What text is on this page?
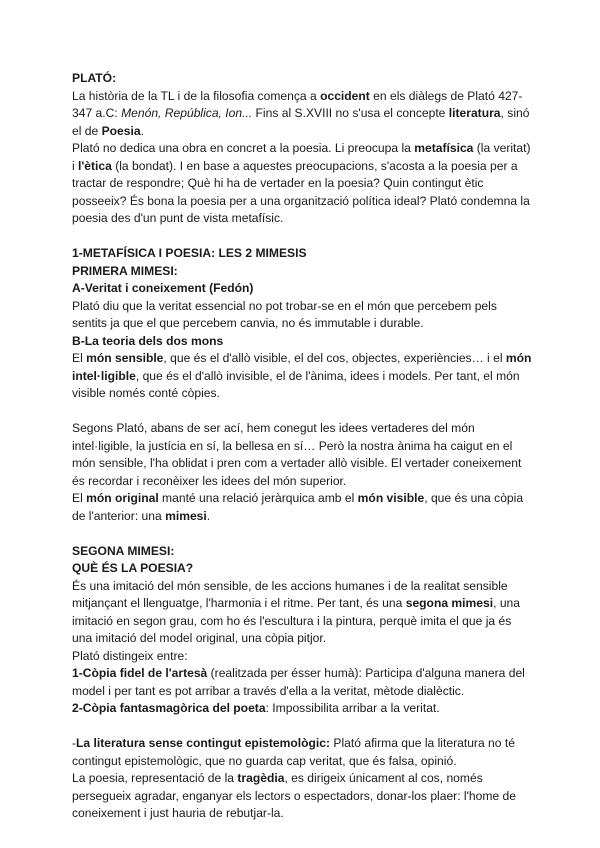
PLATÓ:

La història de la TL i de la filosofia comença a occident en els diàlegs de Plató 427-347 a.C: Menón, República, Ion... Fins al S.XVIII no s'usa el concepte literatura, sinó el de Poesia.

Plató no dedica una obra en concret a la poesia. Li preocupa la metafísica (la veritat) i l'ètica (la bondat). I en base a aquestes preocupacions, s'acosta a la poesia per a tractar de respondre; Què hi ha de vertader en la poesia? Quin contingut ètic posseeix? És bona la poesia per a una organització política ideal? Plató condemna la poesia des d'un punt de vista metafísic.

1-METAFÍSICA I POESIA: LES 2 MIMESIS

PRIMERA MIMESI:

A-Veritat i coneixement (Fedón)

Plató diu que la veritat essencial no pot trobar-se en el món que percebem pels sentits ja que el que percebem canvia, no és immutable i durable.

B-La teoria dels dos mons

El món sensible, que és el d'allò visible, el del cos, objectes, experiències… i el món intel·ligible, que és el d'allò invisible, el de l'ànima, idees i models. Per tant, el món visible només conté còpies.

Segons Plató, abans de ser ací, hem conegut les idees vertaderes del món intel·ligible, la justícia en sí, la bellesa en sí… Però la nostra ànima ha caigut en el món sensible, l'ha oblidat i pren com a vertader allò visible. El vertader coneixement és recordar i reconèixer les idees del món superior.

El món original manté una relació jeràrquica amb el món visible, que és una còpia de l'anterior: una mimesi.

SEGONA MIMESI:

QUÈ ÉS LA POESIA?

És una imitació del món sensible, de les accions humanes i de la realitat sensible mitjançant el llenguatge, l'harmonia i el ritme. Per tant, és una segona mimesi, una imitació en segon grau, com ho és l'escultura i la pintura, perquè imita el que ja és una imitació del model original, una còpia pitjor.

Plató distingeix entre:

1-Còpia fidel de l'artesà (realitzada per ésser humà): Participa d'alguna manera del model i per tant es pot arribar a través d'ella a la veritat, mètode dialèctic.

2-Còpia fantasmagòrica del poeta: Impossibilita arribar a la veritat.

-La literatura sense contingut epistemològic: Plató afirma que la literatura no té contingut epistemològic, que no guarda cap veritat, que és falsa, opinió.

La poesia, representació de la tragèdia, es dirigeix únicament al cos, només persegueix agradar, enganyar els lectors o espectadors, donar-los plaer: l'home de coneixement i just hauria de rebutjar-la.
